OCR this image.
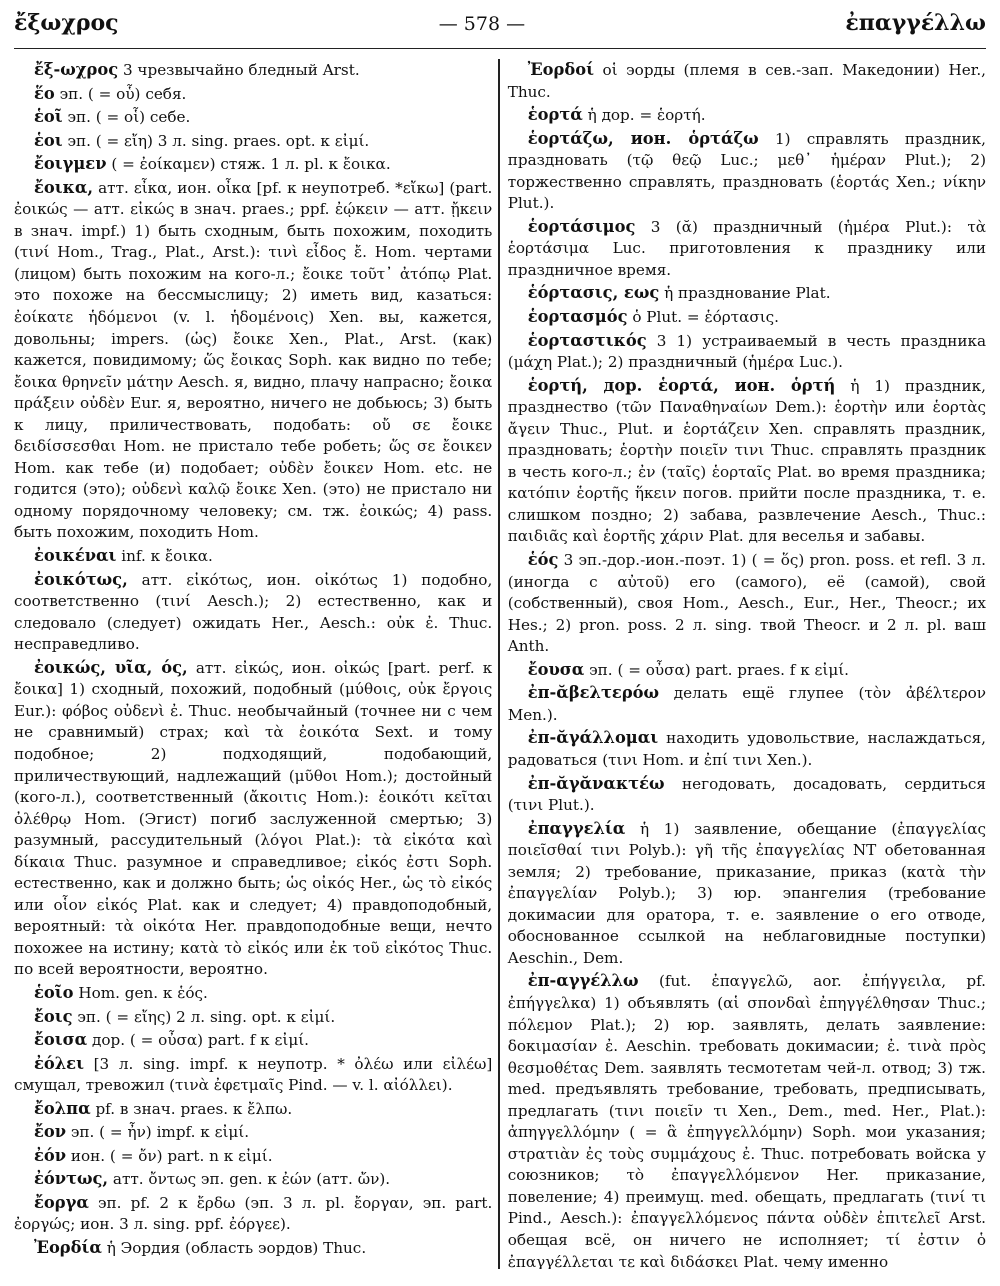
ἔξωχρος	— 578 —	ἐπαγγέλλω

ἔξ-ωχρος 3 чрезвычайно бледный Arst.

ἕο эп. ( = οὗ) себя.

ἑοῖ эп. ( = οἷ) себе.

ἑοι эп. ( = εἴη) 3 л. sing. praes. opt. к εἰμί.

ἔοιγμεν ( = ἐοίκαμεν) стяж. 1 л. pl. к ἔοικα.

ἔοικα, атт. εἶκα, ион. οἶκα [pf. к неупотреб. *εἴκω] (part. ἐοικώς — атт. εἰκώς в знач. praes.; ppf. ἐῴκειν — атт. ᾔκειν в знач. impf.) 1) быть сходным, быть похожим, походить (τινί Hom., Trag., Plat., Arst.): τινὶ εἶδος ἔ. Hom. чертами (лицом) быть похожим на кого-л.; ἔοικε τοῦτ᾽ ἀτόπῳ Plat. это похоже на бессмыслицу; 2) иметь вид, казаться: ἐοίκατε ἡδόμενοι (v. l. ἡδομένοις) Xen. вы, кажется, довольны; impers. (ὡς) ἔοικε Xen., Plat., Arst. (как) кажется, повидимому; ὥς ἔοικας Soph. как видно по тебе; ἔοικα θρηνεῖν μάτην Aesch. я, видно, плачу напрасно; ἔοικα πράξειν οὐδὲν Eur. я, вероятно, ничего не добьюсь; 3) быть к лицу, приличествовать, подобать: οὔ σε ἔοικε δειδίσσεσθαι Hom. не пристало тебе робеть; ὥς σε ἔοικεν Hom. как тебе (и) подобает; οὐδὲν ἔοικεν Hom. etc. не годится (это); οὐδενὶ καλῷ ἔοικε Xen. (это) не пристало ни одному порядочному человеку; см. тж. ἐοικώς; 4) pass. быть похожим, походить Hom.

ἐοικέναι inf. к ἔοικα.

ἐοικότως, атт. εἰκότως, ион. οἰκότως 1) подобно, соответственно (τινί Aesch.); 2) естественно, как и следовало (следует) ожидать Her., Aesch.: οὐκ ἐ. Thuc. несправедливо.

ἐοικώς, υῖα, ός, атт. εἰκώς, ион. οἰκώς [part. perf. к ἔοικα] 1) сходный, похожий, подобный (μύθοις, οὐκ ἔργοις Eur.): φόβος οὐδενὶ ἐ. Thuc. необычайный (точнее ни с чем не сравнимый) страх; καὶ τὰ ἐοικότα Sext. и тому подобное; 2) подходящий, подобающий, приличествующий, надлежащий (μῦθοι Hom.); достойный (кого-л.), соответственный (ἄκοιτις Hom.): ἐοικότι κεῖται ὀλέθρῳ Hom. (Эгист) погиб заслуженной смертью; 3) разумный, рассудительный (λόγοι Plat.): τὰ εἰκότα καὶ δίκαια Thuc. разумное и справедливое; εἰκός ἐστι Soph. естественно, как и должно быть; ὡς οἰκός Her., ὡς τὸ εἰκός или οἷον εἰκός Plat. как и следует; 4) правдоподобный, вероятный: τὰ οἰκότα Her. правдоподобные вещи, нечто похожее на истину; κατὰ τὸ εἰκός или ἐκ τοῦ εἰκότος Thuc. по всей вероятности, вероятно.

ἑοῖο Hom. gen. к ἑός.

ἔοις эп. ( = εἴης) 2 л. sing. opt. к εἰμί.

ἔοισα дор. ( = οὖσα) part. f к εἰμί.

ἐόλει [3 л. sing. impf. к неупотр. * ὀλέω или εἰλέω] смущал, тревожил (τινὰ ἐφετμαῖς Pind. — v. l. αἰόλλει).

ἔολπα pf. в знач. praes. к ἔλπω.

ἔον эп. ( = ἦν) impf. к εἰμί.

ἐόν ион. ( = ὄν) part. n к εἰμί.

ἐόντως, атт. ὄντως эп. gen. к ἐών (атт. ὤν).

ἔοργα эп. pf. 2 к ἔρδω (эп. 3 л. pl. ἔοργαν, эп. part. ἐοργώς; ион. 3 л. sing. ppf. ἐόργεε).

Ἐορδία ἡ Эордия (область эордов) Thuc.

Ἐορδοί οἱ эорды (племя в сев.-зап. Македонии) Her., Thuc.

ἑορτά ἡ дор. = ἑορτή.

ἑορτάζω, ион. ὁρτάζω 1) справлять праздник, праздновать (τῷ θεῷ Luc.; μεθ᾽ ἡμέραν Plut.); 2) торжественно справлять, праздновать (ἑορτάς Xen.; νίκην Plut.).

ἑορτάσιμος 3 (ᾰ) праздничный (ἡμέρα Plut.): τὰ ἑορτάσιμα Luc. приготовления к празднику или праздничное время.

ἑόρτασις, εως ἡ празднование Plat.

ἑορτασμός ὁ Plut. = ἑόρτασις.

ἑορταστικός 3 1) устраиваемый в честь праздника (μάχη Plat.); 2) праздничный (ἡμέρα Luc.).

ἑορτή, дор. ἑορτά, ион. ὁρτή ἡ 1) праздник, празднество (τῶν Παναθηναίων Dem.): ἑορτὴν или ἑορτὰς ἄγειν Thuc., Plut. и ἑορτάζειν Xen. справлять праздник, праздновать; ἑορτὴν ποιεῖν τινι Thuc. справлять праздник в честь кого-л.; ἐν (ταῖς) ἑορταῖς Plat. во время праздника; κατόπιν ἑορτῆς ἥκειν погов. прийти после праздника, т. е. слишком поздно; 2) забава, развлечение Aesch., Thuc.: παιδιᾶς καὶ ἑορτῆς χάριν Plat. для веселья и забавы.

ἑός 3 эп.-дор.-ион.-поэт. 1) ( = ὅς) pron. poss. et refl. 3 л. (иногда с αὐτοῦ) его (самого), её (самой), свой (собственный), своя Hom., Aesch., Eur., Her., Theocr.; их Hes.; 2) pron. poss. 2 л. sing. твой Theocr. и 2 л. pl. ваш Anth.

ἔουσα эп. ( = οὖσα) part. praes. f к εἰμί.

ἐπ-ᾰβελτερόω делать ещё глупее (τὸν ἀβέλτερον Men.).

ἐπ-ᾰγάλλομαι находить удовольствие, наслаждаться, радоваться (τινι Hom. и ἐπί τινι Xen.).

ἐπ-ᾰγᾰνακτέω негодовать, досадовать, сердиться (τινι Plut.).

ἐπαγγελία ἡ 1) заявление, обещание (ἐπαγγελίας ποιεῖσθαί τινι Polyb.): γῆ τῆς ἐπαγγελίας NT обетованная земля; 2) требование, приказание, приказ (κατὰ τὴν ἐπαγγελίαν Polyb.); 3) юр. эпангелия (требование докимасии для оратора, т. е. заявление о его отводе, обоснованное ссылкой на неблаговидные поступки) Aeschin., Dem.

ἐπ-αγγέλλω (fut. ἐπαγγελῶ, aor. ἐπήγγειλα, pf. ἐπήγγελκα) 1) объявлять (αἱ σπονδαὶ ἐπηγγέλθησαν Thuc.; πόλεμον Plat.); 2) юр. заявлять, делать заявление: δοκιμασίαν ἐ. Aeschin. требовать докимасии; ἐ. τινὰ πρὸς θεσμοθέτας Dem. заявлять тесмотетам чей-л. отвод; 3) тж. med. предъявлять требование, требовать, предписывать, предлагать (τινι ποιεῖν τι Xen., Dem., med. Her., Plat.): ἀπηγγελλόμην ( = ἃ ἐπηγγελλόμην) Soph. мои указания; στρατιὰν ἐς τοὺς συμμάχους ἐ. Thuc. потребовать войска у союзников; τὸ ἐπαγγελλόμενον Her. приказание, повеление; 4) преимущ. med. обещать, предлагать (τινί τι Pind., Aesch.): ἐπαγγελλόμενος πάντα οὐδὲν ἐπιτελεῖ Arst. обещая всё, он ничего не исполняет; τί ἐστιν ὁ ἐπαγγέλλεται τε καὶ διδάσκει Plat. чему именно
